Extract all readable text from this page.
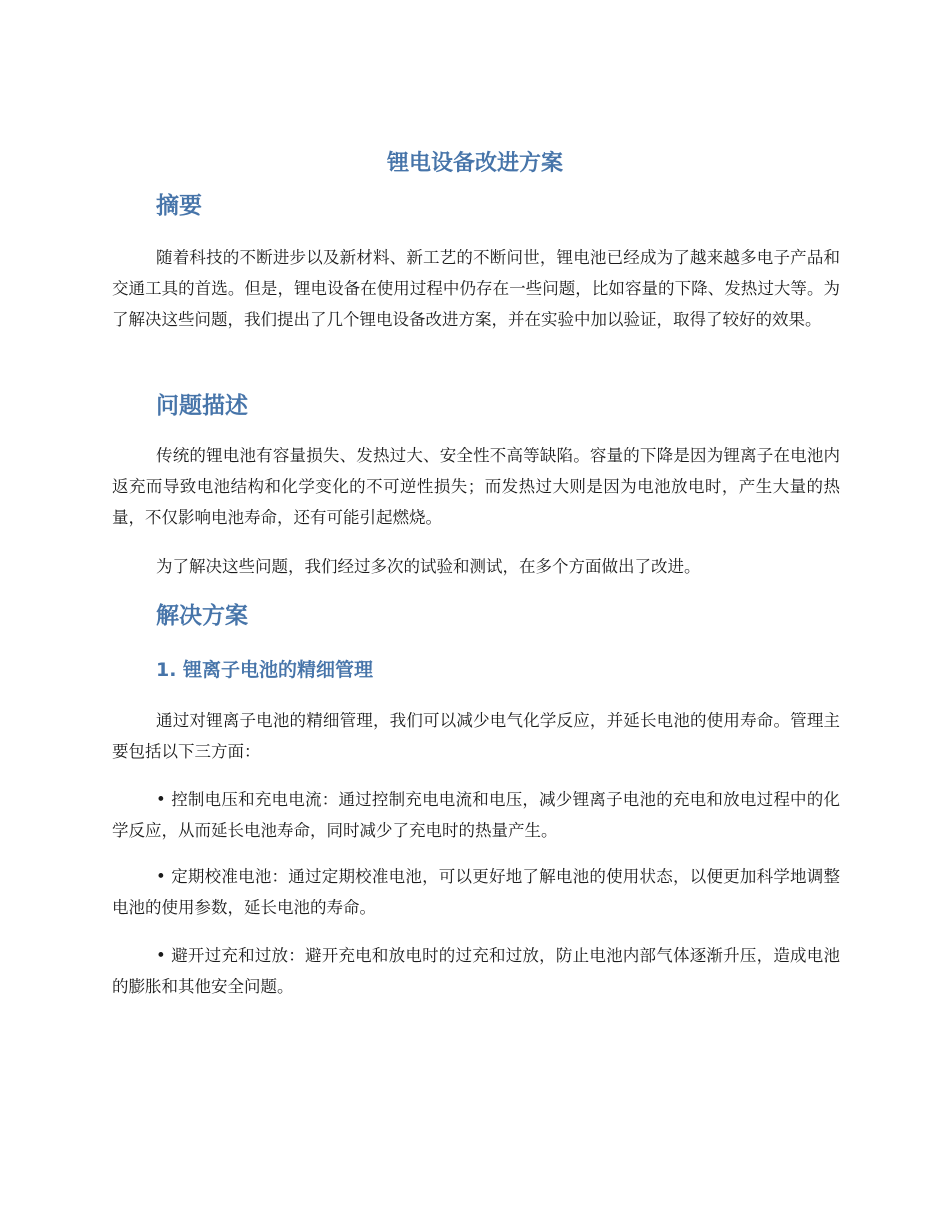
锂电设备改进方案
摘要

随着科技的不断进步以及新材料、新工艺的不断问世，锂电池已经成为了越来越多电子产品和交通工具的首选。但是，锂电设备在使用过程中仍存在一些问题，比如容量的下降、发热过大等。为了解决这些问题，我们提出了几个锂电设备改进方案，并在实验中加以验证，取得了较好的效果。

问题描述

传统的锂电池有容量损失、发热过大、安全性不高等缺陷。容量的下降是因为锂离子在电池内返充而导致电池结构和化学变化的不可逆性损失；而发热过大则是因为电池放电时，产生大量的热量，不仅影响电池寿命，还有可能引起燃烧。

为了解决这些问题，我们经过多次的试验和测试，在多个方面做出了改进。

解决方案
1. 锂离子电池的精细管理

通过对锂离子电池的精细管理，我们可以减少电气化学反应，并延长电池的使用寿命。管理主要包括以下三方面：

• 控制电压和充电电流：通过控制充电电流和电压，减少锂离子电池的充电和放电过程中的化学反应，从而延长电池寿命，同时减少了充电时的热量产生。

• 定期校准电池：通过定期校准电池，可以更好地了解电池的使用状态，以便更加科学地调整电池的使用参数，延长电池的寿命。

• 避开过充和过放：避开充电和放电时的过充和过放，防止电池内部气体逐渐升压，造成电池的膨胀和其他安全问题。
